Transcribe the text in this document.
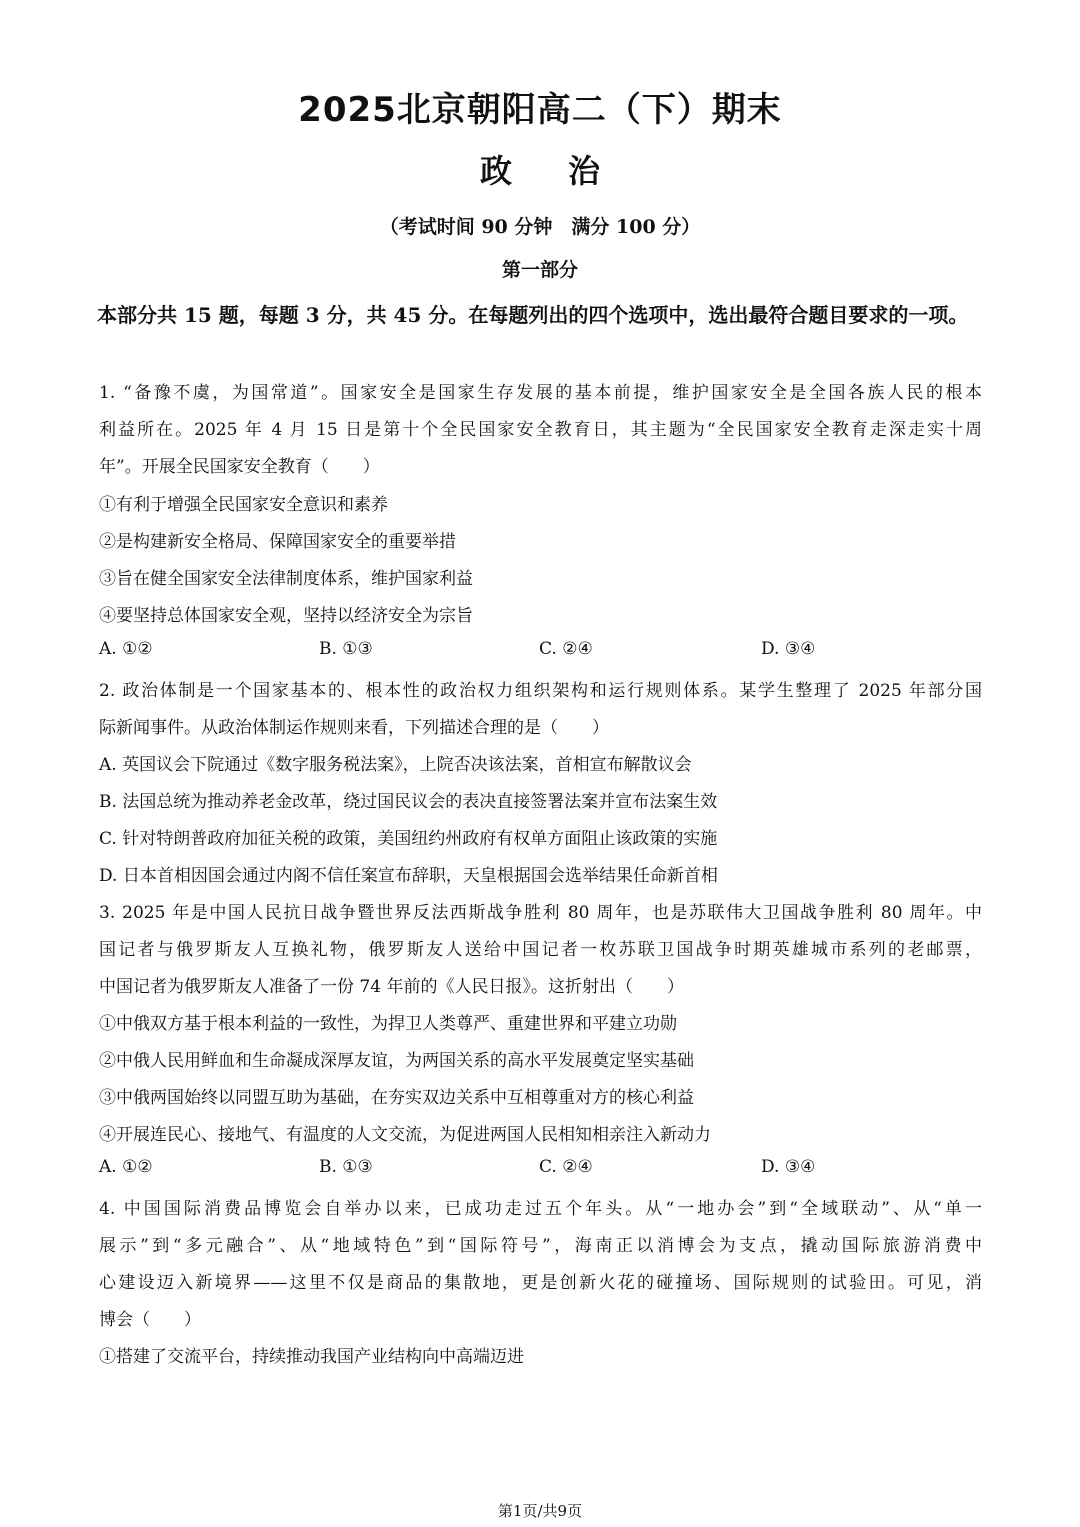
2025北京朝阳高二（下）期末
政治
（考试时间 90 分钟　满分 100 分）
第一部分
本部分共 15 题，每题 3 分，共 45 分。在每题列出的四个选项中，选出最符合题目要求的一项。
1. “备豫不虞，为国常道”。国家安全是国家生存发展的基本前提，维护国家安全是全国各族人民的根本
利益所在。2025 年 4 月 15 日是第十个全民国家安全教育日，其主题为“全民国家安全教育走深走实十周
年”。开展全民国家安全教育（　　）
①有利于增强全民国家安全意识和素养
②是构建新安全格局、保障国家安全的重要举措
③旨在健全国家安全法律制度体系，维护国家利益
④要坚持总体国家安全观，坚持以经济安全为宗旨
A. ①②	B. ①③	C. ②④	D. ③④
2. 政治体制是一个国家基本的、根本性的政治权力组织架构和运行规则体系。某学生整理了 2025 年部分国
际新闻事件。从政治体制运作规则来看，下列描述合理的是（　　）
A. 英国议会下院通过《数字服务税法案》，上院否决该法案，首相宣布解散议会
B. 法国总统为推动养老金改革，绕过国民议会的表决直接签署法案并宣布法案生效
C. 针对特朗普政府加征关税的政策，美国纽约州政府有权单方面阻止该政策的实施
D. 日本首相因国会通过内阁不信任案宣布辞职，天皇根据国会选举结果任命新首相
3. 2025 年是中国人民抗日战争暨世界反法西斯战争胜利 80 周年，也是苏联伟大卫国战争胜利 80 周年。中
国记者与俄罗斯友人互换礼物，俄罗斯友人送给中国记者一枚苏联卫国战争时期英雄城市系列的老邮票，
中国记者为俄罗斯友人准备了一份 74 年前的《人民日报》。这折射出（　　）
①中俄双方基于根本利益的一致性，为捍卫人类尊严、重建世界和平建立功勋
②中俄人民用鲜血和生命凝成深厚友谊，为两国关系的高水平发展奠定坚实基础
③中俄两国始终以同盟互助为基础，在夯实双边关系中互相尊重对方的核心利益
④开展连民心、接地气、有温度的人文交流，为促进两国人民相知相亲注入新动力
A. ①②	B. ①③	C. ②④	D. ③④
4. 中国国际消费品博览会自举办以来，已成功走过五个年头。从“一地办会”到“全域联动”、从“单一
展示”到“多元融合”、从“地域特色”到“国际符号”，海南正以消博会为支点，撬动国际旅游消费中
心建设迈入新境界——这里不仅是商品的集散地，更是创新火花的碰撞场、国际规则的试验田。可见，消
博会（　　）
①搭建了交流平台，持续推动我国产业结构向中高端迈进
第1页/共9页
